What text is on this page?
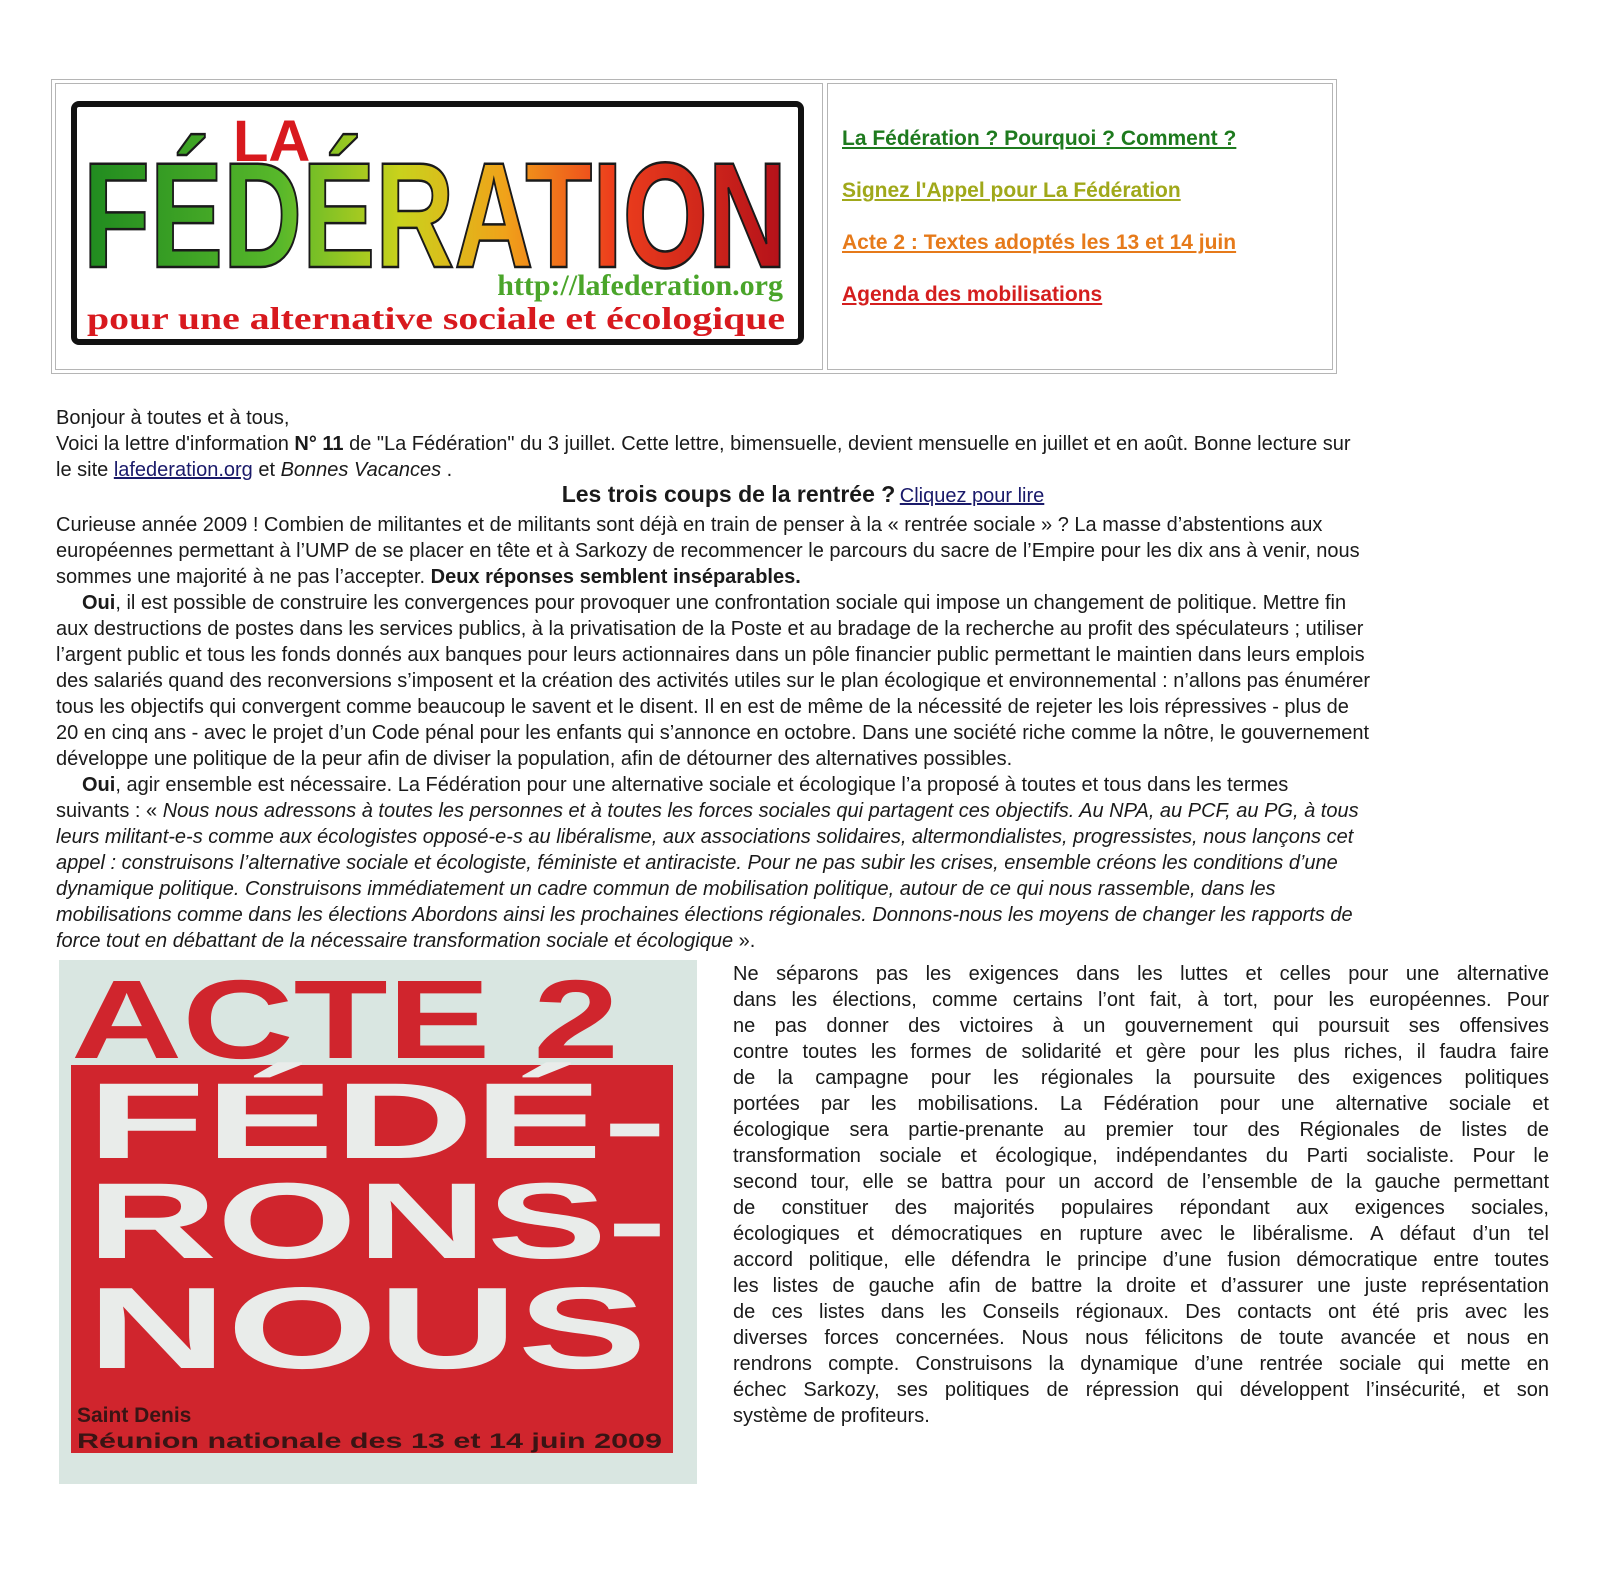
LA
FÉDÉRATION
http://lafederation.org
pour une alternative sociale et écologique
La Fédération ? Pourquoi ? Comment ?
Signez l'Appel pour La Fédération
Acte 2 : Textes adoptés les 13 et 14 juin
Agenda des mobilisations
Bonjour à toutes et à tous,
Voici la lettre d'information N° 11 de "La Fédération" du 3 juillet. Cette lettre, bimensuelle, devient mensuelle en juillet et en août. Bonne lecture sur
le site lafederation.org et Bonnes Vacances .
Les trois coups de la rentrée ? Cliquez pour lire
Curieuse année 2009 ! Combien de militantes et de militants sont déjà en train de penser à la « rentrée sociale » ? La masse d’abstentions aux
européennes permettant à l’UMP de se placer en tête et à Sarkozy de recommencer le parcours du sacre de l’Empire pour les dix ans à venir, nous
sommes une majorité à ne pas l’accepter. Deux réponses semblent inséparables.
Oui, il est possible de construire les convergences pour provoquer une confrontation sociale qui impose un changement de politique. Mettre fin
aux destructions de postes dans les services publics, à la privatisation de la Poste et au bradage de la recherche au profit des spéculateurs ; utiliser
l’argent public et tous les fonds donnés aux banques pour leurs actionnaires dans un pôle financier public permettant le maintien dans leurs emplois
des salariés quand des reconversions s’imposent et la création des activités utiles sur le plan écologique et environnemental : n’allons pas énumérer
tous les objectifs qui convergent comme beaucoup le savent et le disent. Il en est de même de la nécessité de rejeter les lois répressives - plus de
20 en cinq ans - avec le projet d’un Code pénal pour les enfants qui s’annonce en octobre. Dans une société riche comme la nôtre, le gouvernement
développe une politique de la peur afin de diviser la population, afin de détourner des alternatives possibles.
Oui, agir ensemble est nécessaire. La Fédération pour une alternative sociale et écologique l’a proposé à toutes et tous dans les termes
suivants : « Nous nous adressons à toutes les personnes et à toutes les forces sociales qui partagent ces objectifs. Au NPA, au PCF, au PG, à tous
leurs militant-e-s comme aux écologistes opposé-e-s au libéralisme, aux associations solidaires, altermondialistes, progressistes, nous lançons cet
appel : construisons l’alternative sociale et écologiste, féministe et antiraciste. Pour ne pas subir les crises, ensemble créons les conditions d’une
dynamique politique. Construisons immédiatement un cadre commun de mobilisation politique, autour de ce qui nous rassemble, dans les
mobilisations comme dans les élections Abordons ainsi les prochaines élections régionales. Donnons-nous les moyens de changer les rapports de
force tout en débattant de la nécessaire transformation sociale et écologique ».
ACTE 2
FÉDÉ-
RONS-
NOUS
Saint Denis
Réunion nationale des 13 et 14 juin 2009
Ne séparons pas les exigences dans les luttes et celles pour une alternative
dans les élections, comme certains l’ont fait, à tort, pour les européennes. Pour
ne pas donner des victoires à un gouvernement qui poursuit ses offensives
contre toutes les formes de solidarité et gère pour les plus riches, il faudra faire
de la campagne pour les régionales la poursuite des exigences politiques
portées par les mobilisations. La Fédération pour une alternative sociale et
écologique sera partie-prenante au premier tour des Régionales de listes de
transformation sociale et écologique, indépendantes du Parti socialiste. Pour le
second tour, elle se battra pour un accord de l’ensemble de la gauche permettant
de constituer des majorités populaires répondant aux exigences sociales,
écologiques et démocratiques en rupture avec le libéralisme. A défaut d’un tel
accord politique, elle défendra le principe d’une fusion démocratique entre toutes
les listes de gauche afin de battre la droite et d’assurer une juste représentation
de ces listes dans les Conseils régionaux. Des contacts ont été pris avec les
diverses forces concernées. Nous nous félicitons de toute avancée et nous en
rendrons compte. Construisons la dynamique d’une rentrée sociale qui mette en
échec Sarkozy, ses politiques de répression qui développent l’insécurité, et son
système de profiteurs.
